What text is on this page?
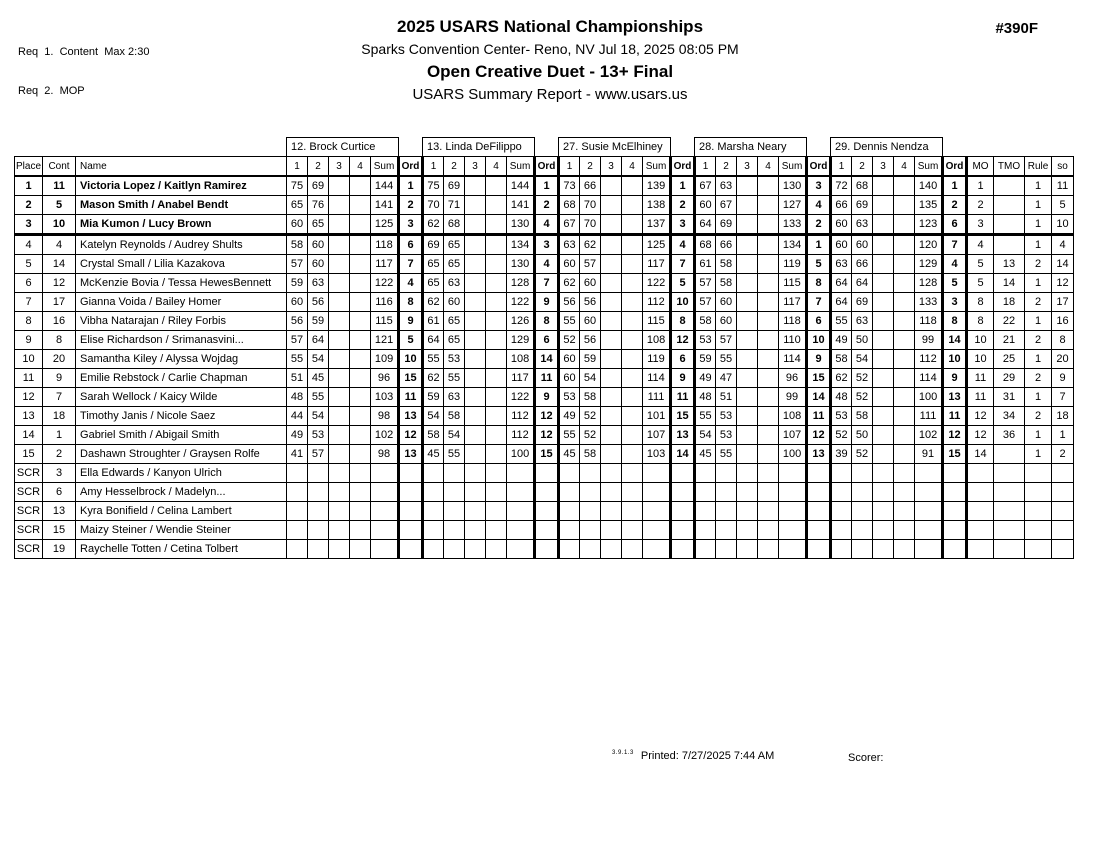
Req  1.  Content  Max 2:30

Req  2.  MOP

2025 USARS National Championships
Sparks Convention Center- Reno, NV Jul 18, 2025 08:05 PM
Open Creative Duet - 13+ Final
USARS Summary Report - www.usars.us
#390F
			12. Brock Curtice						13. Linda DeFilippo						27. Susie McElhiney						28. Marsha Neary						29. Dennis Nendza									
Place	Cont	Name	1	2	3	4	Sum	Ord	1	2	3	4	Sum	Ord	1	2	3	4	Sum	Ord	1	2	3	4	Sum	Ord	1	2	3	4	Sum	Ord	MO	TMO	Rule	so
1	11	Victoria Lopez / Kaitlyn Ramirez	75	69			144	1	75	69			144	1	73	66			139	1	67	63			130	3	72	68			140	1	1		1	11
2	5	Mason Smith / Anabel Bendt	65	76			141	2	70	71			141	2	68	70			138	2	60	67			127	4	66	69			135	2	2		1	5
3	10	Mia Kumon / Lucy Brown	60	65			125	3	62	68			130	4	67	70			137	3	64	69			133	2	60	63			123	6	3		1	10
4	4	Katelyn Reynolds / Audrey Shults	58	60			118	6	69	65			134	3	63	62			125	4	68	66			134	1	60	60			120	7	4		1	4
5	14	Crystal Small / Lilia Kazakova	57	60			117	7	65	65			130	4	60	57			117	7	61	58			119	5	63	66			129	4	5	13	2	14
6	12	McKenzie Bovia / Tessa HewesBennett	59	63			122	4	65	63			128	7	62	60			122	5	57	58			115	8	64	64			128	5	5	14	1	12
7	17	Gianna Voida / Bailey Homer	60	56			116	8	62	60			122	9	56	56			112	10	57	60			117	7	64	69			133	3	8	18	2	17
8	16	Vibha Natarajan / Riley Forbis	56	59			115	9	61	65			126	8	55	60			115	8	58	60			118	6	55	63			118	8	8	22	1	16
9	8	Elise Richardson / Srimanasvini...	57	64			121	5	64	65			129	6	52	56			108	12	53	57			110	10	49	50			99	14	10	21	2	8
10	20	Samantha Kiley / Alyssa Wojdag	55	54			109	10	55	53			108	14	60	59			119	6	59	55			114	9	58	54			112	10	10	25	1	20
11	9	Emilie Rebstock / Carlie Chapman	51	45			96	15	62	55			117	11	60	54			114	9	49	47			96	15	62	52			114	9	11	29	2	9
12	7	Sarah Wellock / Kaicy Wilde	48	55			103	11	59	63			122	9	53	58			111	11	48	51			99	14	48	52			100	13	11	31	1	7
13	18	Timothy Janis / Nicole Saez	44	54			98	13	54	58			112	12	49	52			101	15	55	53			108	11	53	58			111	11	12	34	2	18
14	1	Gabriel Smith / Abigail Smith	49	53			102	12	58	54			112	12	55	52			107	13	54	53			107	12	52	50			102	12	12	36	1	1
15	2	Dashawn Stroughter / Graysen Rolfe	41	57			98	13	45	55			100	15	45	58			103	14	45	55			100	13	39	52			91	15	14		1	2
SCR	3	Ella Edwards / Kanyon Ulrich																																		
SCR	6	Amy Hesselbrock / Madelyn...																																		
SCR	13	Kyra Bonifield / Celina Lambert																																		
SCR	15	Maizy Steiner / Wendie Steiner																																		
SCR	19	Raychelle Totten / Cetina Tolbert																																		
$^{3.9.1.3}$ Printed: 7/27/2025 7:44 AM	Scorer:
